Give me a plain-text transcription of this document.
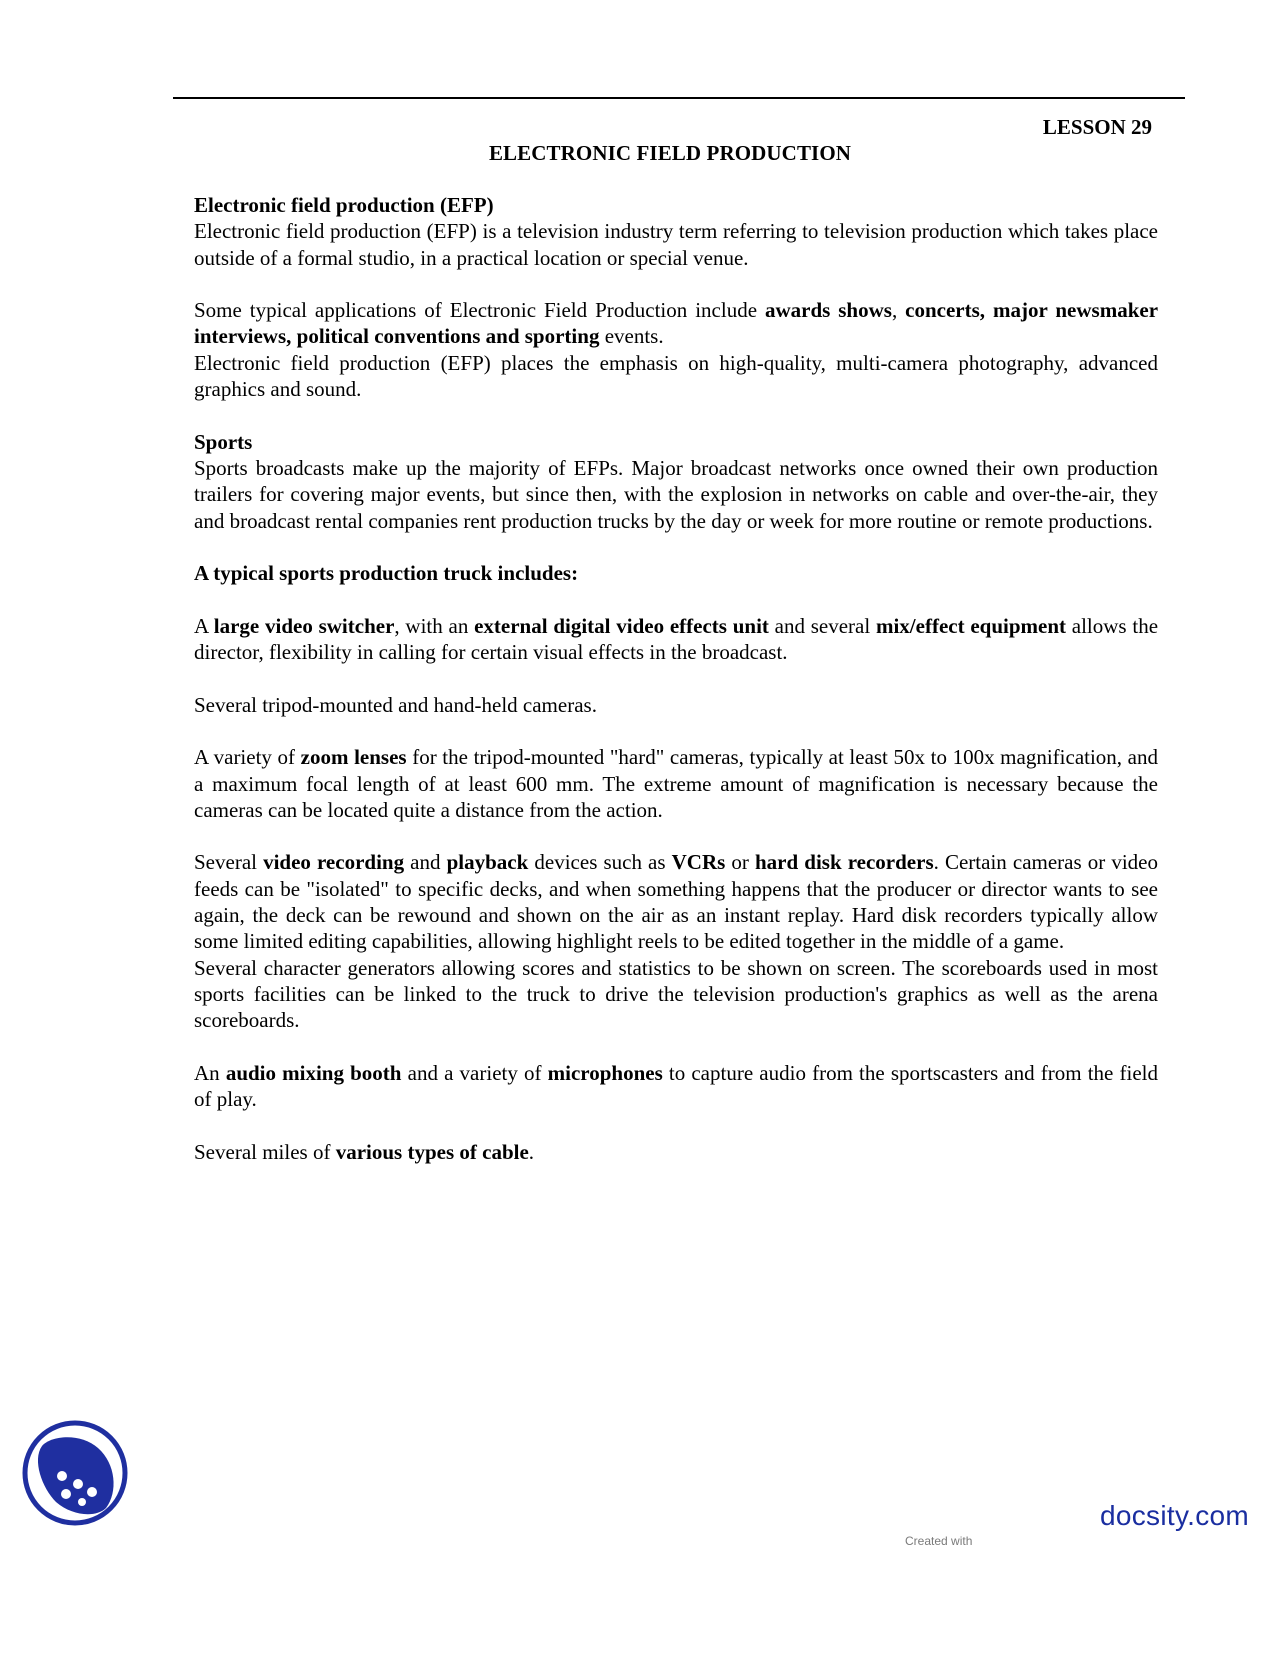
LESSON 29
ELECTRONIC FIELD PRODUCTION

Electronic field production (EFP)

Electronic field production (EFP) is a television industry term referring to television production which takes place outside of a formal studio, in a practical location or special venue.

Some typical applications of Electronic Field Production include awards shows, concerts, major newsmaker interviews, political conventions and sporting events.

Electronic field production (EFP) places the emphasis on high-quality, multi-camera photography, advanced graphics and sound.

Sports

Sports broadcasts make up the majority of EFPs. Major broadcast networks once owned their own production trailers for covering major events, but since then, with the explosion in networks on cable and over-the-air, they and broadcast rental companies rent production trucks by the day or week for more routine or remote productions.

A typical sports production truck includes:

A large video switcher, with an external digital video effects unit and several mix/effect equipment allows the director, flexibility in calling for certain visual effects in the broadcast.

Several tripod-mounted and hand-held cameras.

A variety of zoom lenses for the tripod-mounted "hard" cameras, typically at least 50x to 100x magnification, and a maximum focal length of at least 600 mm. The extreme amount of magnification is necessary because the cameras can be located quite a distance from the action.

Several video recording and playback devices such as VCRs or hard disk recorders. Certain cameras or video feeds can be "isolated" to specific decks, and when something happens that the producer or director wants to see again, the deck can be rewound and shown on the air as an instant replay. Hard disk recorders typically allow some limited editing capabilities, allowing highlight reels to be edited together in the middle of a game.

Several character generators allowing scores and statistics to be shown on screen. The scoreboards used in most sports facilities can be linked to the truck to drive the television production's graphics as well as the arena scoreboards.

An audio mixing booth and a variety of microphones to capture audio from the sportscasters and from the field of play.

Several miles of various types of cable.

Created with
docsity.com
